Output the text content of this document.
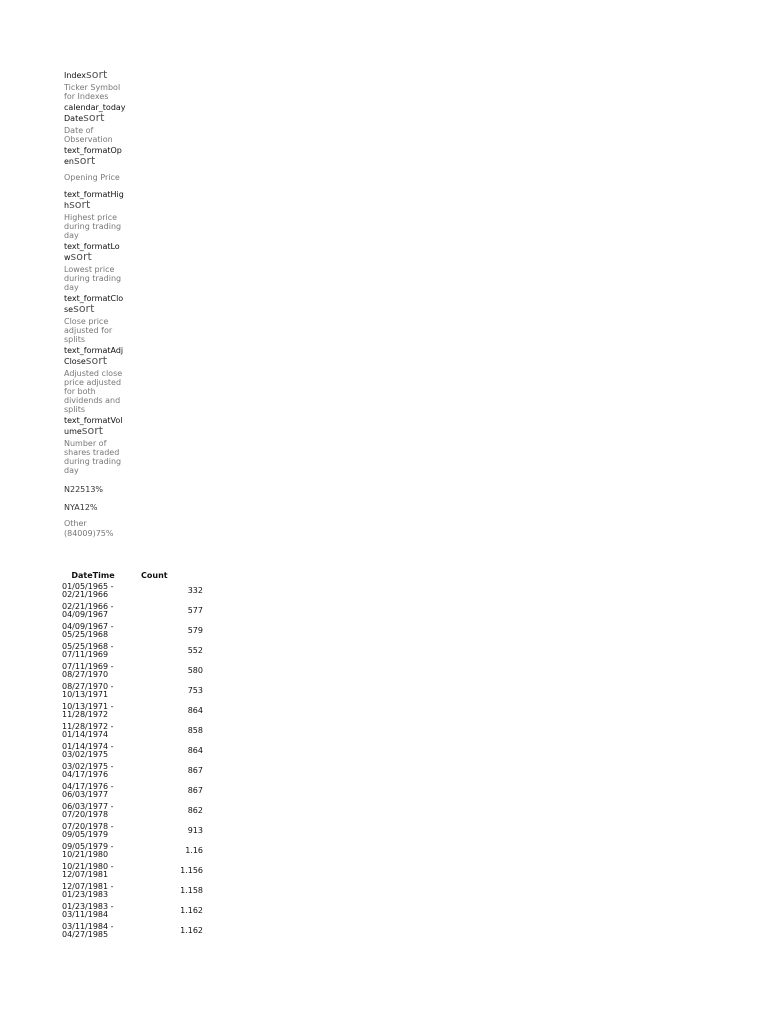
Indexsort
Ticker Symbol for Indexes
calendar_todayDatesort
Date of Observation
text_formatOpensort
Opening Price
text_formatHighsort
Highest price during trading day
text_formatLowsort
Lowest price during trading day
text_formatClosesort
Close price adjusted for splits
text_formatAdj Closesort
Adjusted close price adjusted for both dividends and splits
text_formatVolumesort
Number of shares traded during trading day
N22513%
NYA12%
Other (84009)75%
DateTime	Count

01/05/1965 -
02/21/1966	332

02/21/1966 -
04/09/1967	577

04/09/1967 -
05/25/1968	579

05/25/1968 -
07/11/1969	552

07/11/1969 -
08/27/1970	580

08/27/1970 -
10/13/1971	753

10/13/1971 -
11/28/1972	864

11/28/1972 -
01/14/1974	858

01/14/1974 -
03/02/1975	864

03/02/1975 -
04/17/1976	867

04/17/1976 -
06/03/1977	867

06/03/1977 -
07/20/1978	862

07/20/1978 -
09/05/1979	913

09/05/1979 -
10/21/1980	1.16

10/21/1980 -
12/07/1981	1.156

12/07/1981 -
01/23/1983	1.158

01/23/1983 -
03/11/1984	1.162

03/11/1984 -
04/27/1985	1.162
